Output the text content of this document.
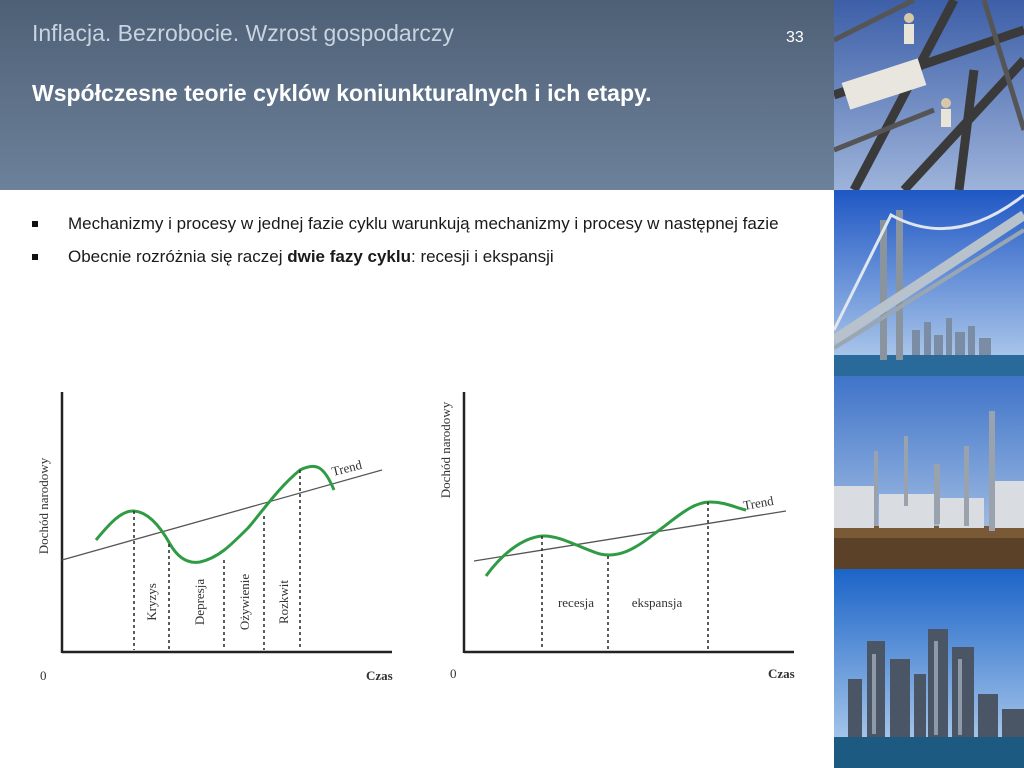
Inflacja. Bezrobocie. Wzrost gospodarczy	33
Współczesne teorie cyklów koniunkturalnych i ich etapy.
Mechanizmy i procesy w jednej fazie cyklu warunkują mechanizmy i procesy w następnej fazie
Obecnie rozróżnia się raczej dwie fazy cyklu: recesji i ekspansji
Dochód narodowy
0	Czas
Trend
Kryzys	Depresja Ożywienie Rozkwit
Dochód narodowy
0	Czas
Trend
recesja	ekspansja
